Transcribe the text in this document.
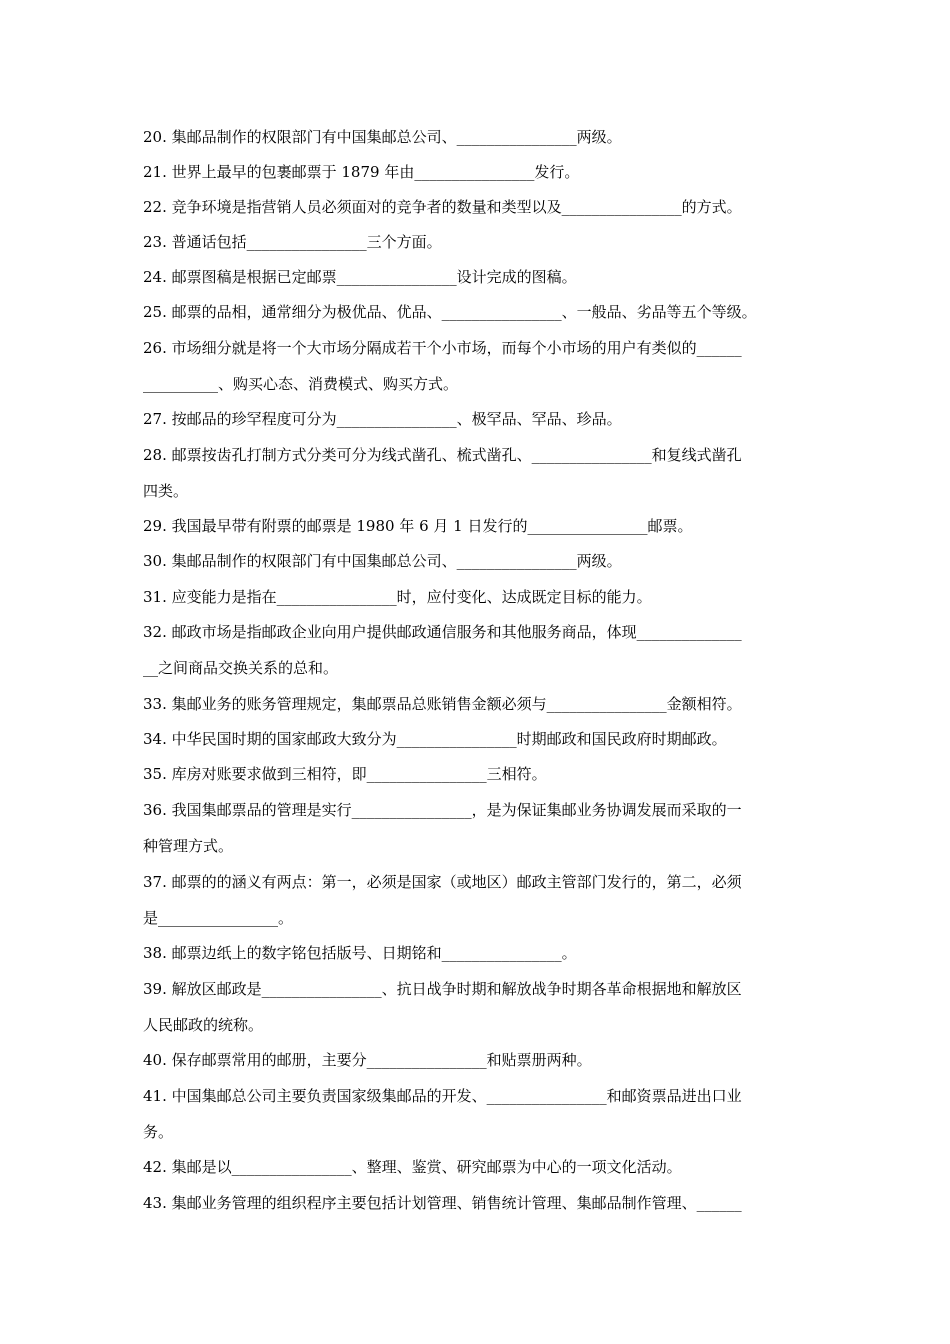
20. 集邮品制作的权限部门有中国集邮总公司、________________两级。
21. 世界上最早的包裹邮票于 1879 年由________________发行。
22. 竞争环境是指营销人员必须面对的竞争者的数量和类型以及________________的方式。
23. 普通话包括________________三个方面。
24. 邮票图稿是根据已定邮票________________设计完成的图稿。
25. 邮票的品相，通常细分为极优品、优品、________________、一般品、劣品等五个等级。
26. 市场细分就是将一个大市场分隔成若干个小市场，而每个小市场的用户有类似的______
__________、购买心态、消费模式、购买方式。
27. 按邮品的珍罕程度可分为________________、极罕品、罕品、珍品。
28. 邮票按齿孔打制方式分类可分为线式凿孔、梳式凿孔、________________和复线式凿孔
四类。
29. 我国最早带有附票的邮票是 1980 年 6 月 1 日发行的________________邮票。
30. 集邮品制作的权限部门有中国集邮总公司、________________两级。
31. 应变能力是指在________________时，应付变化、达成既定目标的能力。
32. 邮政市场是指邮政企业向用户提供邮政通信服务和其他服务商品，体现______________
__之间商品交换关系的总和。
33. 集邮业务的账务管理规定，集邮票品总账销售金额必须与________________金额相符。
34. 中华民国时期的国家邮政大致分为________________时期邮政和国民政府时期邮政。
35. 库房对账要求做到三相符，即________________三相符。
36. 我国集邮票品的管理是实行________________，是为保证集邮业务协调发展而采取的一
种管理方式。
37. 邮票的的涵义有两点：第一，必须是国家（或地区）邮政主管部门发行的，第二，必须
是________________。
38. 邮票边纸上的数字铭包括版号、日期铭和________________。
39. 解放区邮政是________________、抗日战争时期和解放战争时期各革命根据地和解放区
人民邮政的统称。
40. 保存邮票常用的邮册，主要分________________和贴票册两种。
41. 中国集邮总公司主要负责国家级集邮品的开发、________________和邮资票品进出口业
务。
42. 集邮是以________________、整理、鉴赏、研究邮票为中心的一项文化活动。
43. 集邮业务管理的组织程序主要包括计划管理、销售统计管理、集邮品制作管理、______
